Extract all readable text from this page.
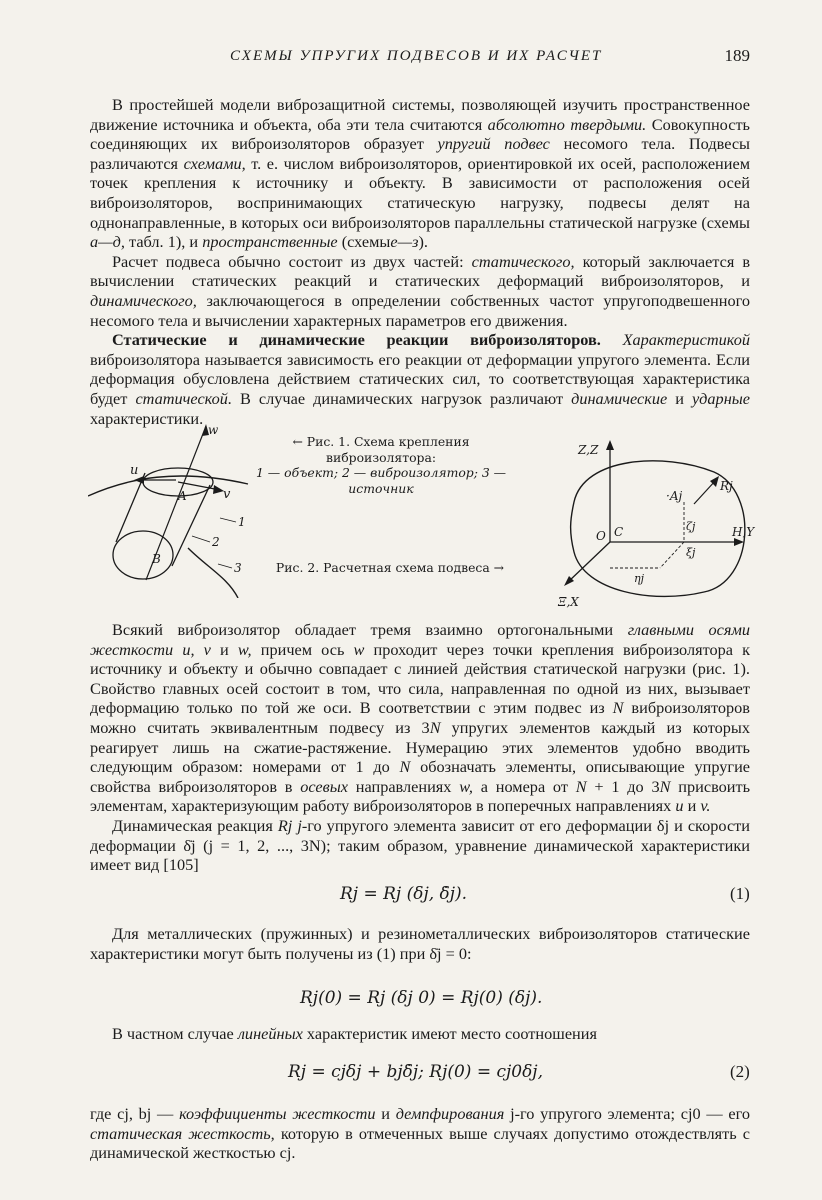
СХЕМЫ УПРУГИХ ПОДВЕСОВ И ИХ РАСЧЕТ	189

В простейшей модели виброзащитной системы, позволяющей изучить пространственное движение источника и объекта, оба эти тела считаются абсолютно твердыми. Совокупность соединяющих их виброизоляторов образует упругий подвес несомого тела. Подвесы различаются схемами, т. е. числом виброизоляторов, ориентировкой их осей, расположением точек крепления к источнику и объекту. В зависимости от расположения осей виброизоляторов, воспринимающих статическую нагрузку, подвесы делят на однонаправленные, в которых оси виброизоляторов параллельны статической нагрузке (схемы а—д, табл. 1), и пространственные (схемые—з).

Расчет подвеса обычно состоит из двух частей: статического, который заключается в вычислении статических реакций и статических деформаций виброизоляторов, и динамического, заключающегося в определении собственных частот упругоподвешенного несомого тела и вычислении характерных параметров его движения.

Статические и динамические реакции виброизоляторов. Характеристикой виброизолятора называется зависимость его реакции от деформации упругого элемента. Если деформация обусловлена действием статических сил, то соответствующая характеристика будет статической. В случае динамических нагрузок различают динамические и ударные характеристики.

w
u
v
A
B
1
2
3
← Рис. 1. Схема крепления виброизолятора:
1 — объект; 2 — виброизолятор; 3 — источник
Рис. 2. Расчетная схема подвеса →
Z,Z
Ξ,X
H,Y
O C
·Aj
Rj
ζj
ξj
ηj

Всякий виброизолятор обладает тремя взаимно ортогональными главными осями жесткости u, v и w, причем ось w проходит через точки крепления виброизолятора к источнику и объекту и обычно совпадает с линией действия статической нагрузки (рис. 1). Свойство главных осей состоит в том, что сила, направленная по одной из них, вызывает деформацию только по той же оси. В соответствии с этим подвес из N виброизоляторов можно считать эквивалентным подвесу из 3N упругих элементов каждый из которых реагирует лишь на сжатие-растяжение. Нумерацию этих элементов удобно вводить следующим образом: номерами от 1 до N обозначать элементы, описывающие упругие свойства виброизоляторов в осевых направлениях w, а номера от N + 1 до 3N присвоить элементам, характеризующим работу виброизоляторов в поперечных направлениях u и v.

Динамическая реакция Rj j-го упругого элемента зависит от его деформации δj и скорости деформации δ̇j (j = 1, 2, ..., 3N); таким образом, уравнение динамической характеристики имеет вид [105]

Rj = Rj (δj, δ̇j).	(1)

Для металлических (пружинных) и резинометаллических виброизоляторов статические характеристики могут быть получены из (1) при δ̇j = 0:

Rj(0) = Rj (δj 0) = Rj(0) (δj).

В частном случае линейных характеристик имеют место соотношения

Rj = cjδj + bjδ̇j; Rj(0) = cj0δj,	(2)

где cj, bj — коэффициенты жесткости и демпфирования j-го упругого элемента; cj0 — его статическая жесткость, которую в отмеченных выше случаях допустимо отождествлять с динамической жесткостью cj.
